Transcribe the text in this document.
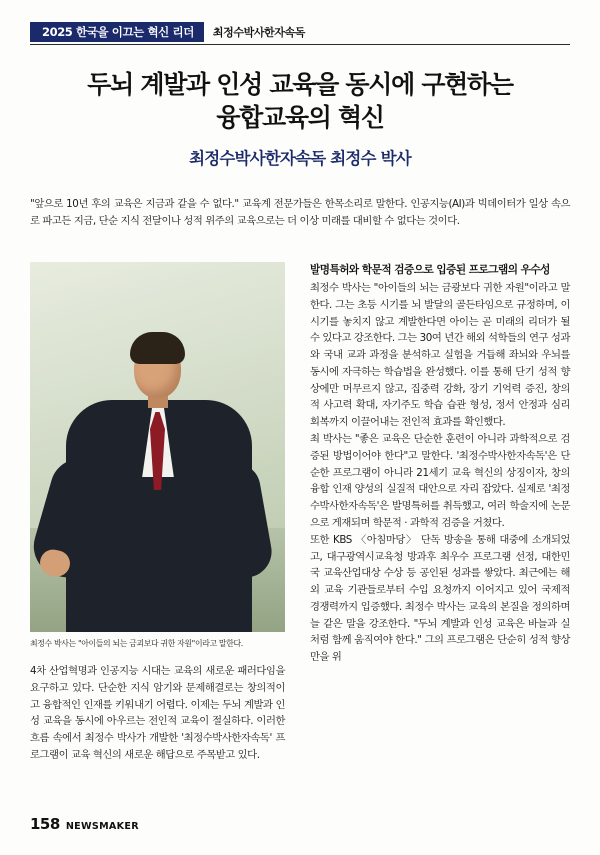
2025 한국을 이끄는 혁신 리더	최정수박사한자속독
두뇌 계발과 인성 교육을 동시에 구현하는
융합교육의 혁신
최정수박사한자속독 최정수 박사
"앞으로 10년 후의 교육은 지금과 같을 수 없다." 교육계 전문가들은 한목소리로 말한다. 인공지능(AI)과 빅데이터가 일상 속으로 파고든 지금, 단순 지식 전달이나 성적 위주의 교육으로는 더 이상 미래를 대비할 수 없다는 것이다.
최정수 박사는 "아이들의 뇌는 금괴보다 귀한 자원"이라고 말한다.

4차 산업혁명과 인공지능 시대는 교육의 새로운 패러다임을 요구하고 있다. 단순한 지식 암기와 문제해결로는 창의적이고 융합적인 인재를 키워내기 어렵다. 이제는 두뇌 계발과 인성 교육을 동시에 아우르는 전인적 교육이 절실하다. 이러한 흐름 속에서 최정수 박사가 개발한 '최정수박사한자속독' 프로그램이 교육 혁신의 새로운 해답으로 주목받고 있다.

발명특허와 학문적 검증으로 입증된 프로그램의 우수성

최정수 박사는 "아이들의 뇌는 금광보다 귀한 자원"이라고 말한다. 그는 초등 시기를 뇌 발달의 골든타임으로 규정하며, 이 시기를 놓치지 않고 계발한다면 아이는 곧 미래의 리더가 될 수 있다고 강조한다. 그는 30여 년간 해외 석학들의 연구 성과와 국내 교과 과정을 분석하고 실험을 거듭해 좌뇌와 우뇌를 동시에 자극하는 학습법을 완성했다. 이를 통해 단기 성적 향상에만 머무르지 않고, 집중력 강화, 장기 기억력 증진, 창의적 사고력 확대, 자기주도 학습 습관 형성, 정서 안정과 심리 회복까지 이끌어내는 전인적 효과를 확인했다.

최 박사는 "좋은 교육은 단순한 훈련이 아니라 과학적으로 검증된 방법이어야 한다"고 말한다. '최정수박사한자속독'은 단순한 프로그램이 아니라 21세기 교육 혁신의 상징이자, 창의융합 인재 양성의 실질적 대안으로 자리 잡았다. 실제로 '최정수박사한자속독'은 발명특허를 취득했고, 여러 학술지에 논문으로 게재되며 학문적 · 과학적 검증을 거쳤다.

또한 KBS 〈아침마당〉 단독 방송을 통해 대중에 소개되었고, 대구광역시교육청 방과후 최우수 프로그램 선정, 대한민국 교육산업대상 수상 등 공인된 성과를 쌓았다. 최근에는 해외 교육 기관들로부터 수입 요청까지 이어지고 있어 국제적 경쟁력까지 입증했다. 최정수 박사는 교육의 본질을 정의하며 늘 같은 말을 강조한다. "두뇌 계발과 인성 교육은 바늘과 실처럼 함께 움직여야 한다." 그의 프로그램은 단순히 성적 향상만을 위

158 NEWSMAKER
